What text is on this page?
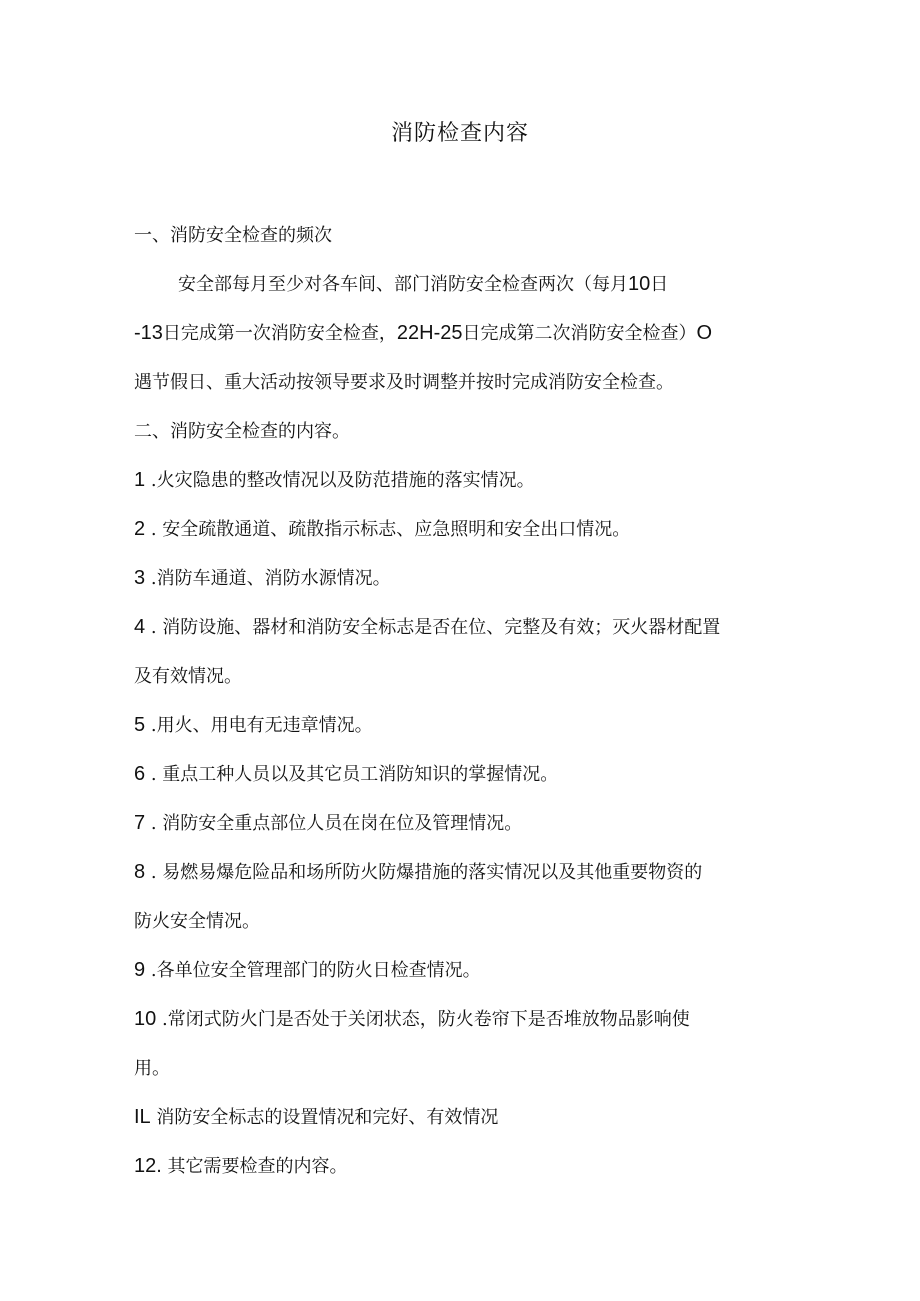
消防检查内容
一、消防安全检查的频次
安全部每月至少对各车间、部门消防安全检查两次（每月10日
-13日完成第一次消防安全检查，22H-25日完成第二次消防安全检查）O
遇节假日、重大活动按领导要求及时调整并按时完成消防安全检查。
二、消防安全检查的内容。
1 .火灾隐患的整改情况以及防范措施的落实情况。
2 . 安全疏散通道、疏散指示标志、应急照明和安全出口情况。
3 .消防车通道、消防水源情况。
4 . 消防设施、器材和消防安全标志是否在位、完整及有效；灭火器材配置
及有效情况。
5 .用火、用电有无违章情况。
6 . 重点工种人员以及其它员工消防知识的掌握情况。
7 . 消防安全重点部位人员在岗在位及管理情况。
8 . 易燃易爆危险品和场所防火防爆措施的落实情况以及其他重要物资的
防火安全情况。
9 .各单位安全管理部门的防火日检查情况。
10 .常闭式防火门是否处于关闭状态，防火卷帘下是否堆放物品影响使
用。
IL 消防安全标志的设置情况和完好、有效情况
12. 其它需要检查的内容。
